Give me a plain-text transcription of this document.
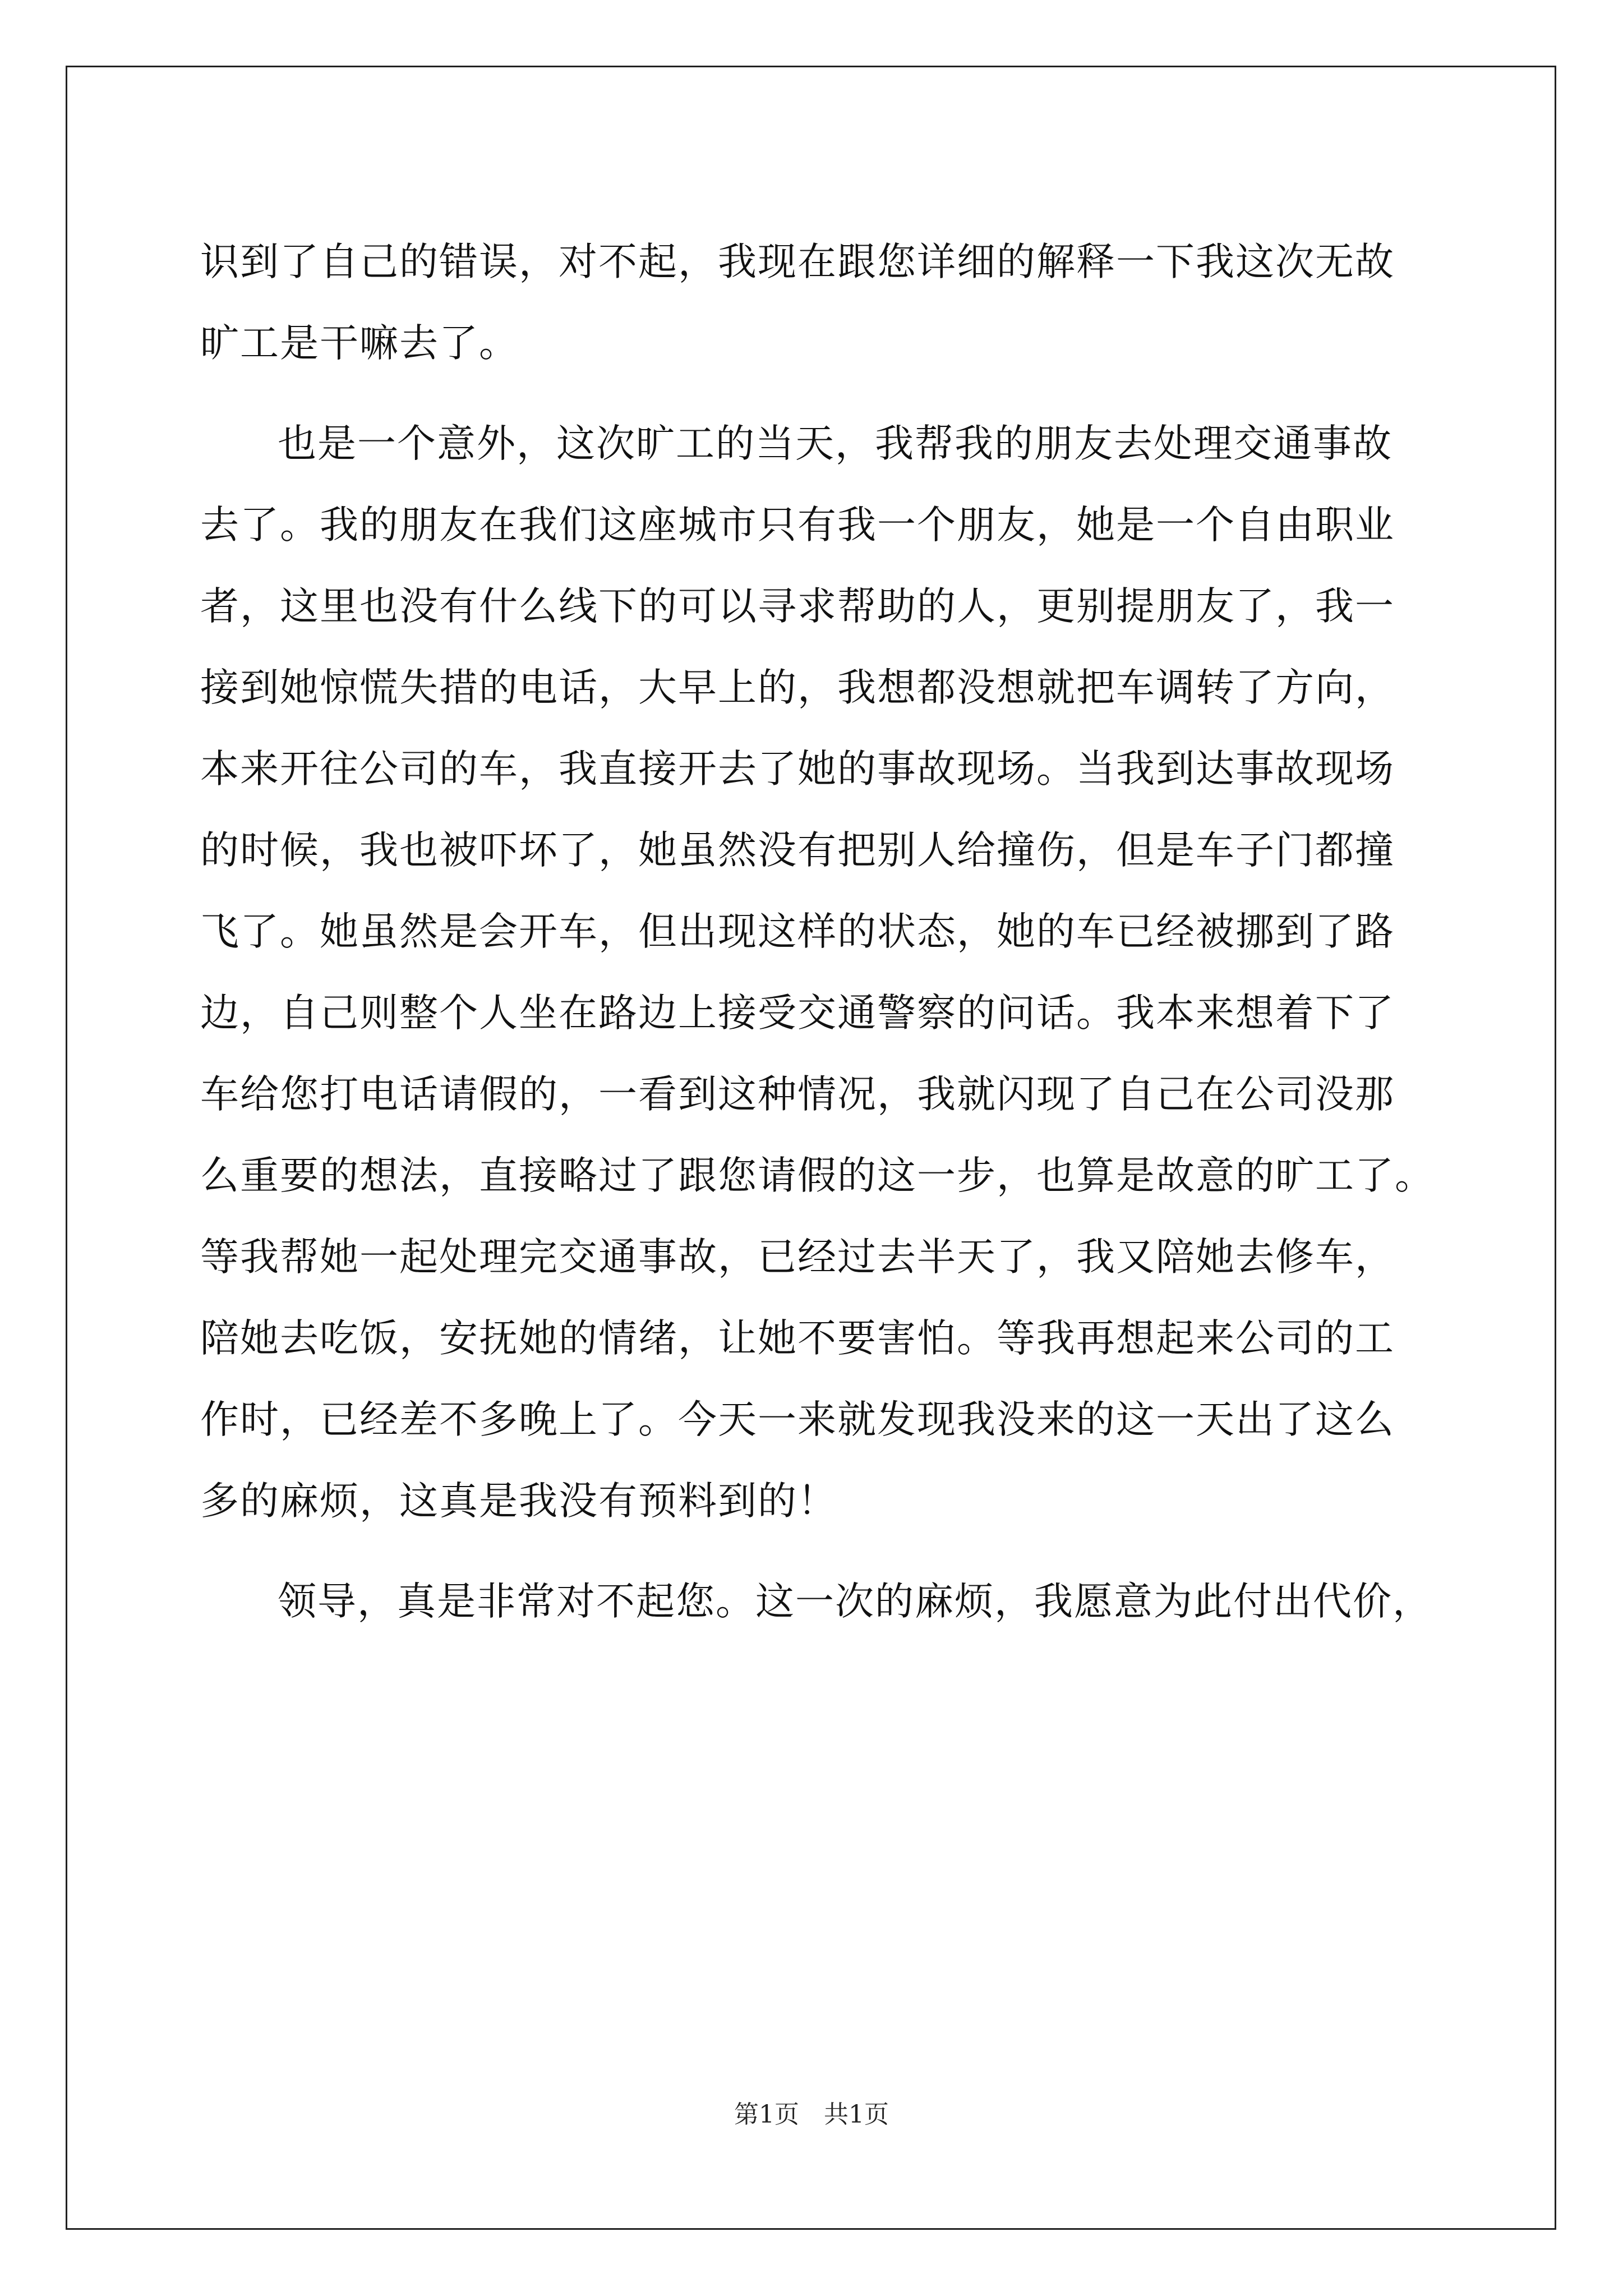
识到了自己的错误，对不起，我现在跟您详细的解释一下我这次无故
旷工是干嘛去了。
也是一个意外，这次旷工的当天，我帮我的朋友去处理交通事故
去了。我的朋友在我们这座城市只有我一个朋友，她是一个自由职业
者，这里也没有什么线下的可以寻求帮助的人，更别提朋友了，我一
接到她惊慌失措的电话，大早上的，我想都没想就把车调转了方向，
本来开往公司的车，我直接开去了她的事故现场。当我到达事故现场
的时候，我也被吓坏了，她虽然没有把别人给撞伤，但是车子门都撞
飞了。她虽然是会开车，但出现这样的状态，她的车已经被挪到了路
边，自己则整个人坐在路边上接受交通警察的问话。我本来想着下了
车给您打电话请假的，一看到这种情况，我就闪现了自己在公司没那
么重要的想法，直接略过了跟您请假的这一步，也算是故意的旷工了。
等我帮她一起处理完交通事故，已经过去半天了，我又陪她去修车，
陪她去吃饭，安抚她的情绪，让她不要害怕。等我再想起来公司的工
作时，已经差不多晚上了。今天一来就发现我没来的这一天出了这么
多的麻烦，这真是我没有预料到的！
领导，真是非常对不起您。这一次的麻烦，我愿意为此付出代价，
第1页 共1页
